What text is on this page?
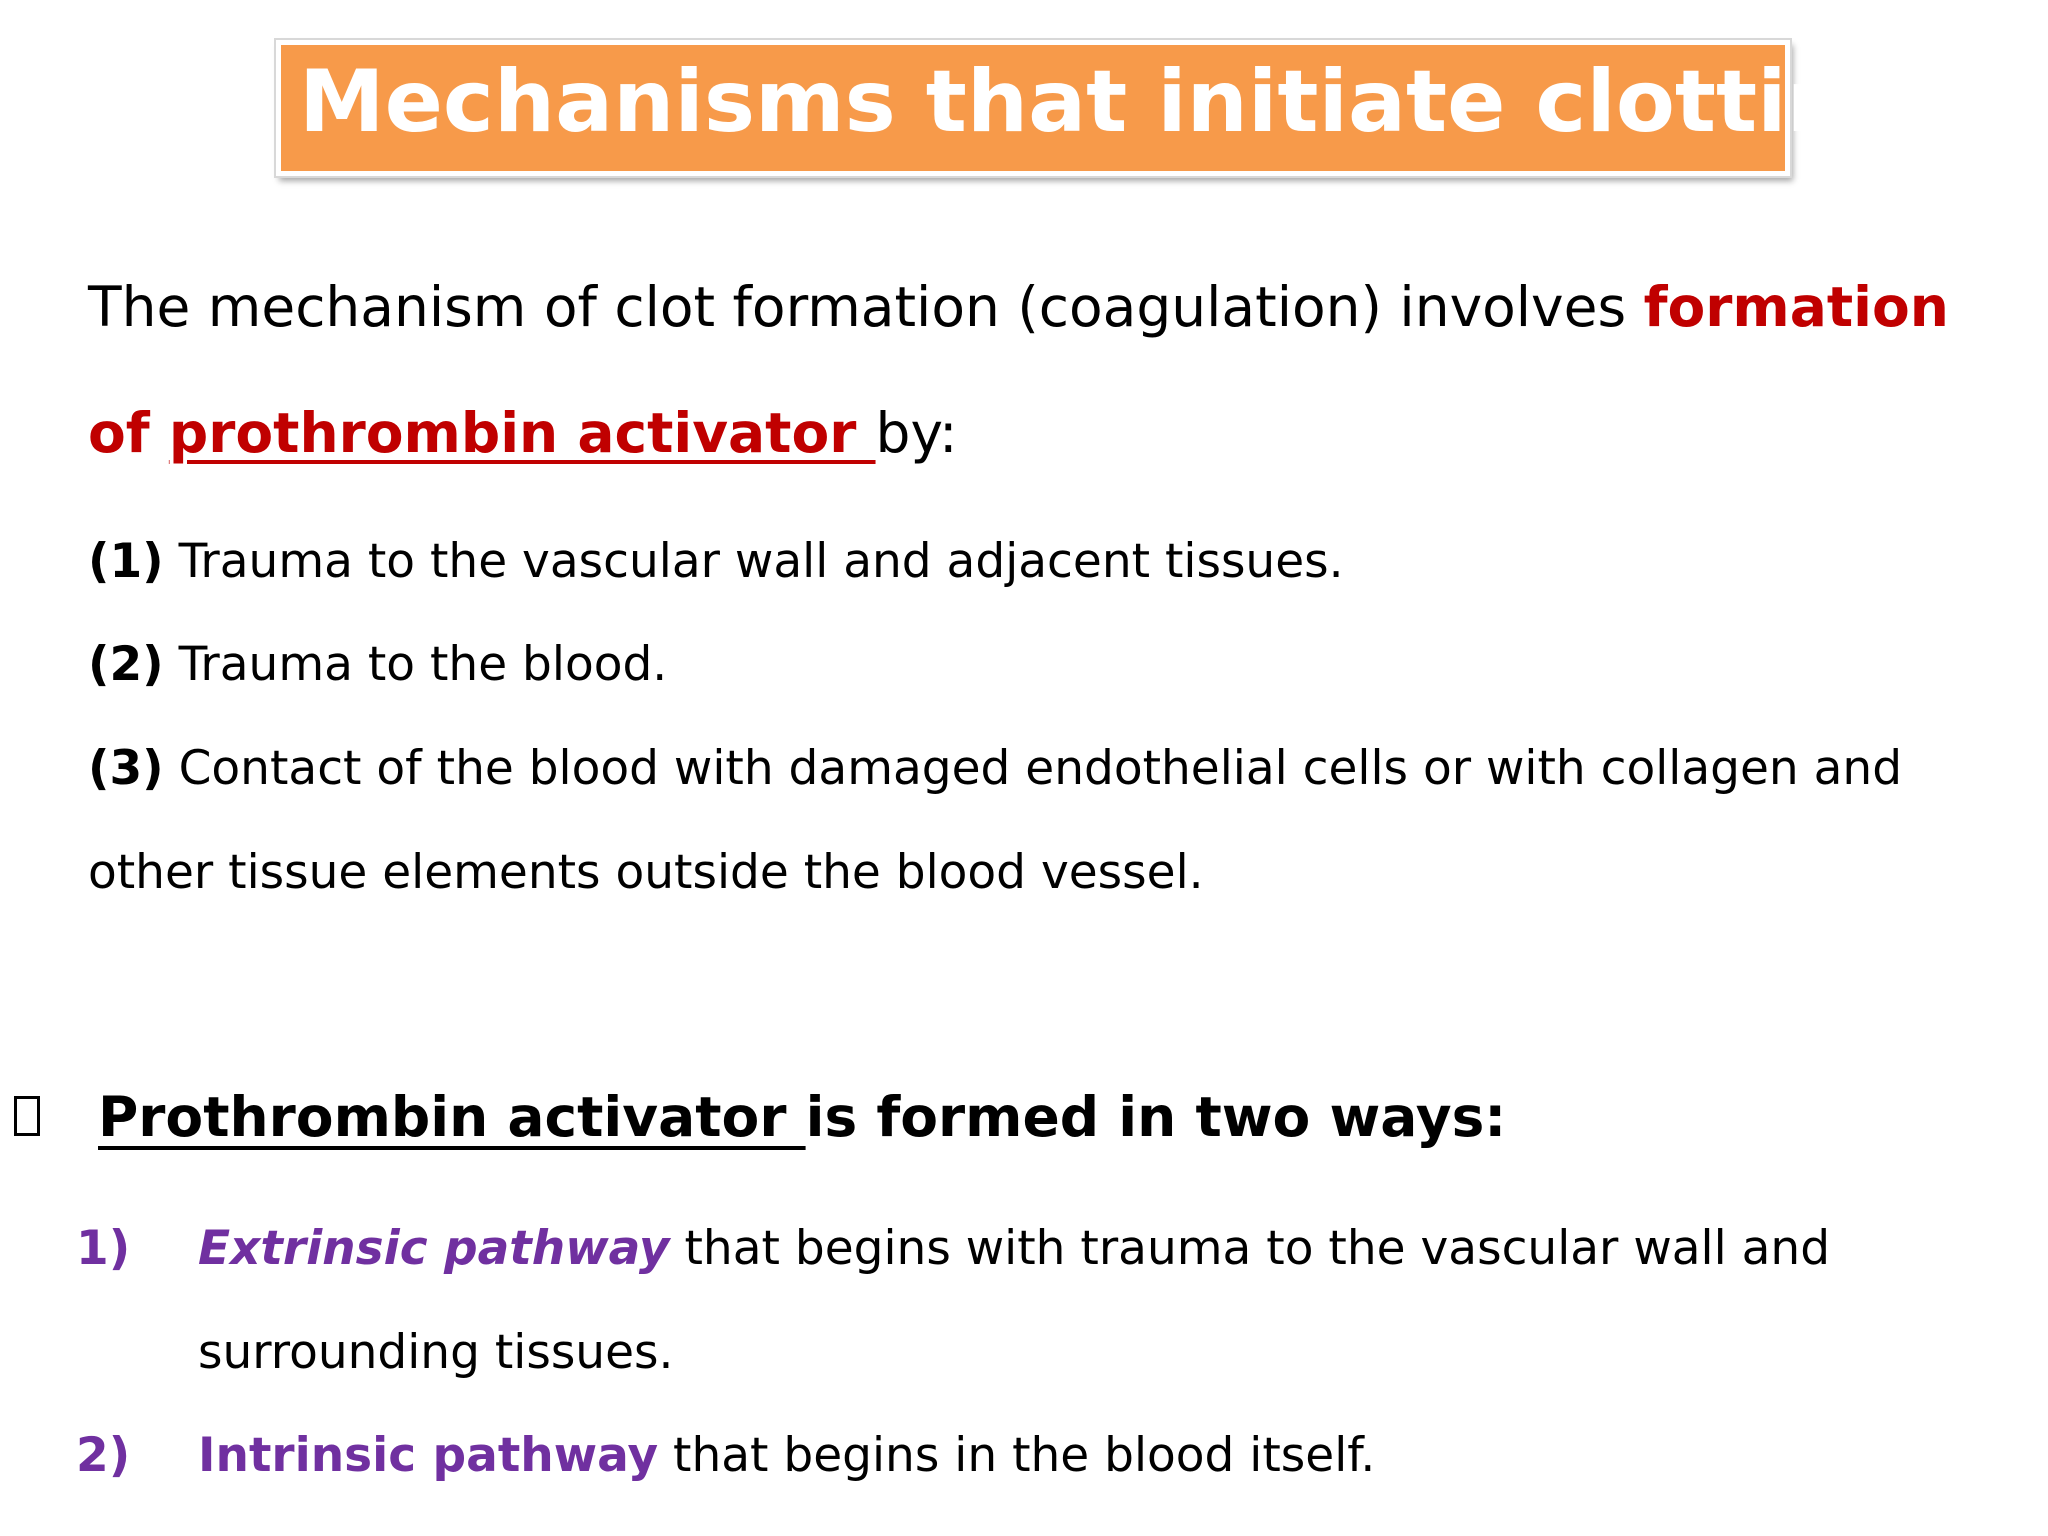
Mechanisms that initiate clotting
The mechanism of clot formation (coagulation) involves formation
of prothrombin activator by:
(1) Trauma to the vascular wall and adjacent tissues.
(2) Trauma to the blood.
(3) Contact of the blood with damaged endothelial cells or with collagen and
other tissue elements outside the blood vessel.
Prothrombin activator is formed in two ways:
1) Extrinsic pathway that begins with trauma to the vascular wall and
surrounding tissues.
2) Intrinsic pathway that begins in the blood itself.
